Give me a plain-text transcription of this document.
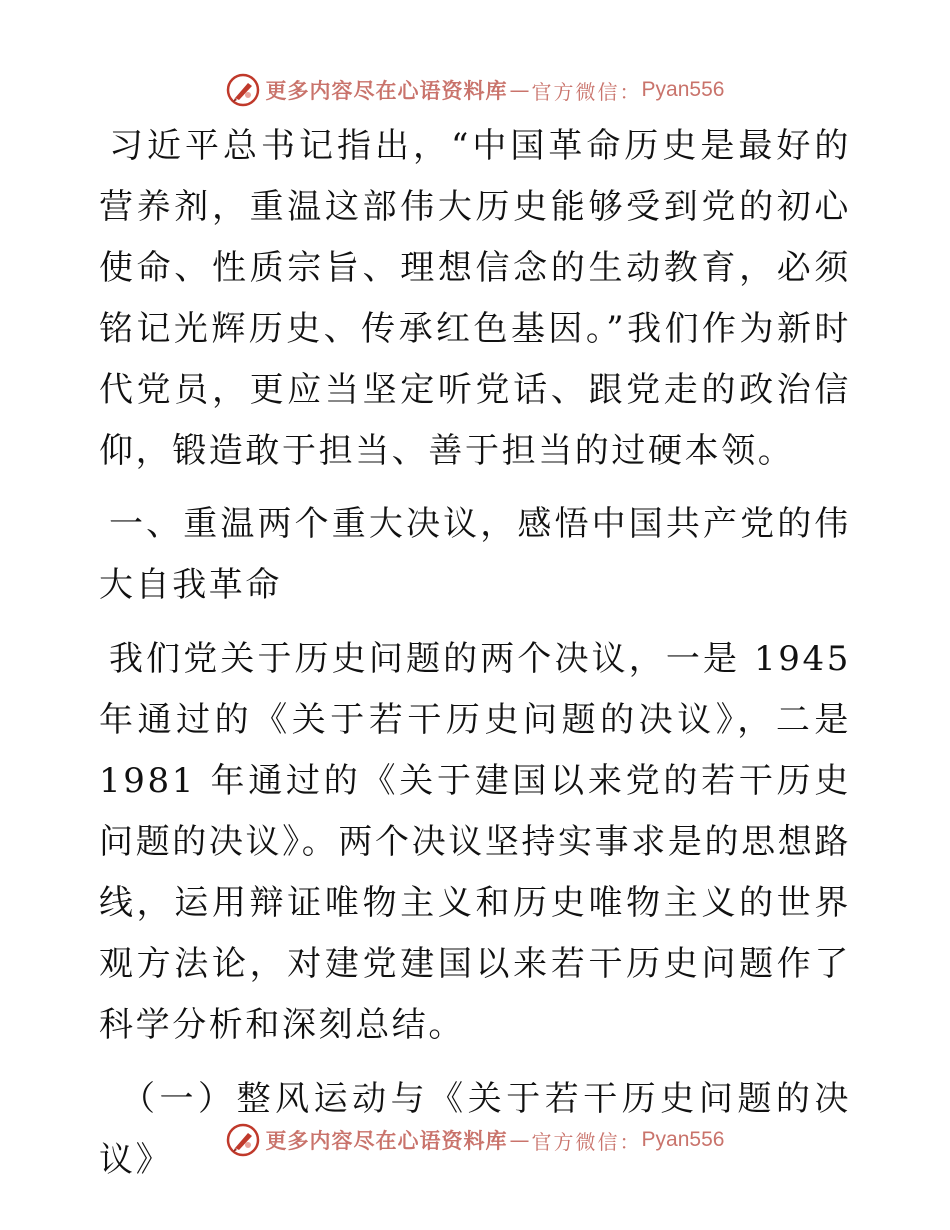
更多内容尽在心语资料库 — 官方微信： Pyan556

习近平总书记指出，“中国革命历史是最好的营养剂，重温这部伟大历史能够受到党的初心使命、性质宗旨、理想信念的生动教育，必须铭记光辉历史、传承红色基因。”我们作为新时代党员，更应当坚定听党话、跟党走的政治信仰，锻造敢于担当、善于担当的过硬本领。

一、重温两个重大决议，感悟中国共产党的伟大自我革命

我们党关于历史问题的两个决议，一是 1945 年通过的《关于若干历史问题的决议》，二是 1981 年通过的《关于建国以来党的若干历史问题的决议》。两个决议坚持实事求是的思想路线，运用辩证唯物主义和历史唯物主义的世界观方法论，对建党建国以来若干历史问题作了科学分析和深刻总结。

（一）整风运动与《关于若干历史问题的决议》	更多内容尽在心语资料库 — 官方微信： Pyan556
